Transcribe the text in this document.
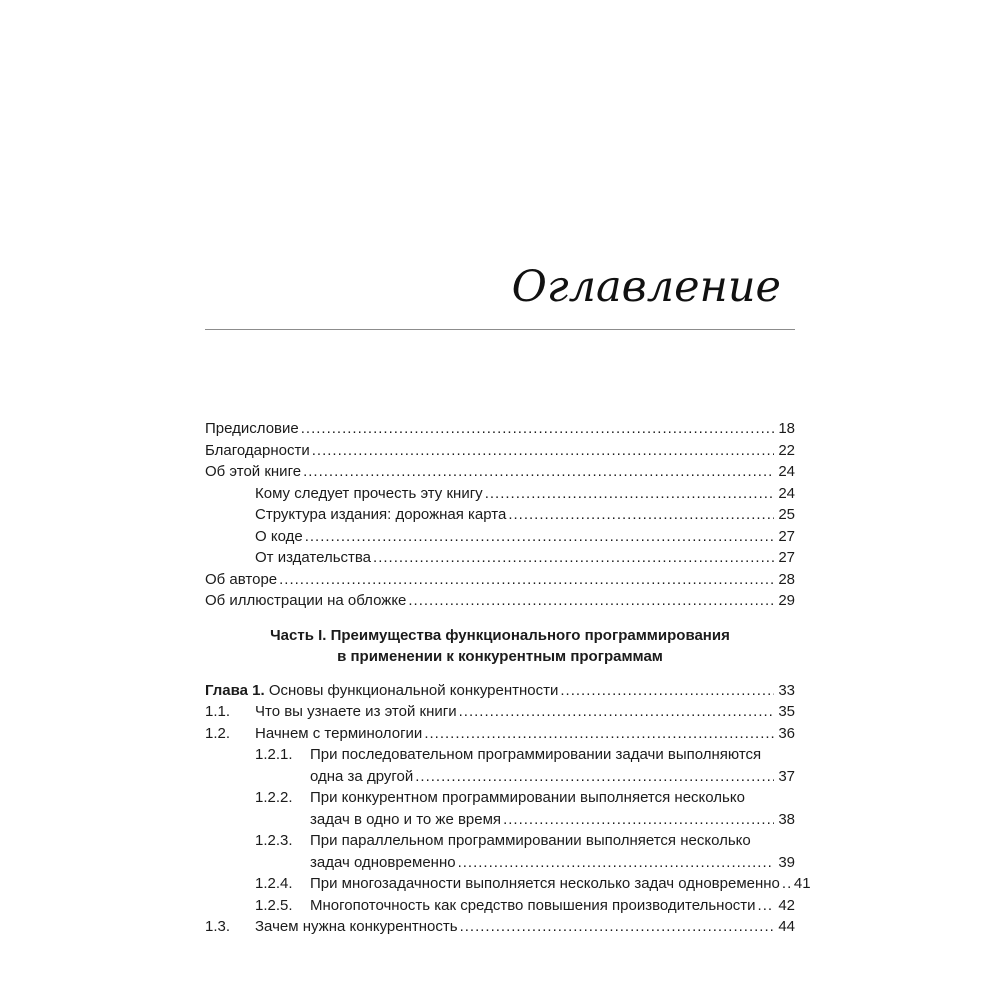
Оглавление
Предисловие .....	18
Благодарности .....	22
Об этой книге .....	24
Кому следует прочесть эту книгу .....	24
Структура издания: дорожная карта .....	25
О коде .....	27
От издательства .....	27
Об авторе .....	28
Об иллюстрации на обложке .....	29
Часть I. Преимущества функционального программирования
в применении к конкурентным программам
Глава 1. Основы функциональной конкурентности .....	33
1.1.	Что вы узнаете из этой книги .....	35
1.2.	Начнем с терминологии .....	36
1.2.1.	При последовательном программировании задачи выполняются
одна за другой .....	37
1.2.2.	При конкурентном программировании выполняется несколько
задач в одно и то же время .....	38
1.2.3.	При параллельном программировании выполняется несколько
задач одновременно .....	39
1.2.4.	При многозадачности выполняется несколько задач одновременно ..... 41
1.2.5.	Многопоточность как средство повышения производительности ..... 42
1.3.	Зачем нужна конкурентность .....	44
